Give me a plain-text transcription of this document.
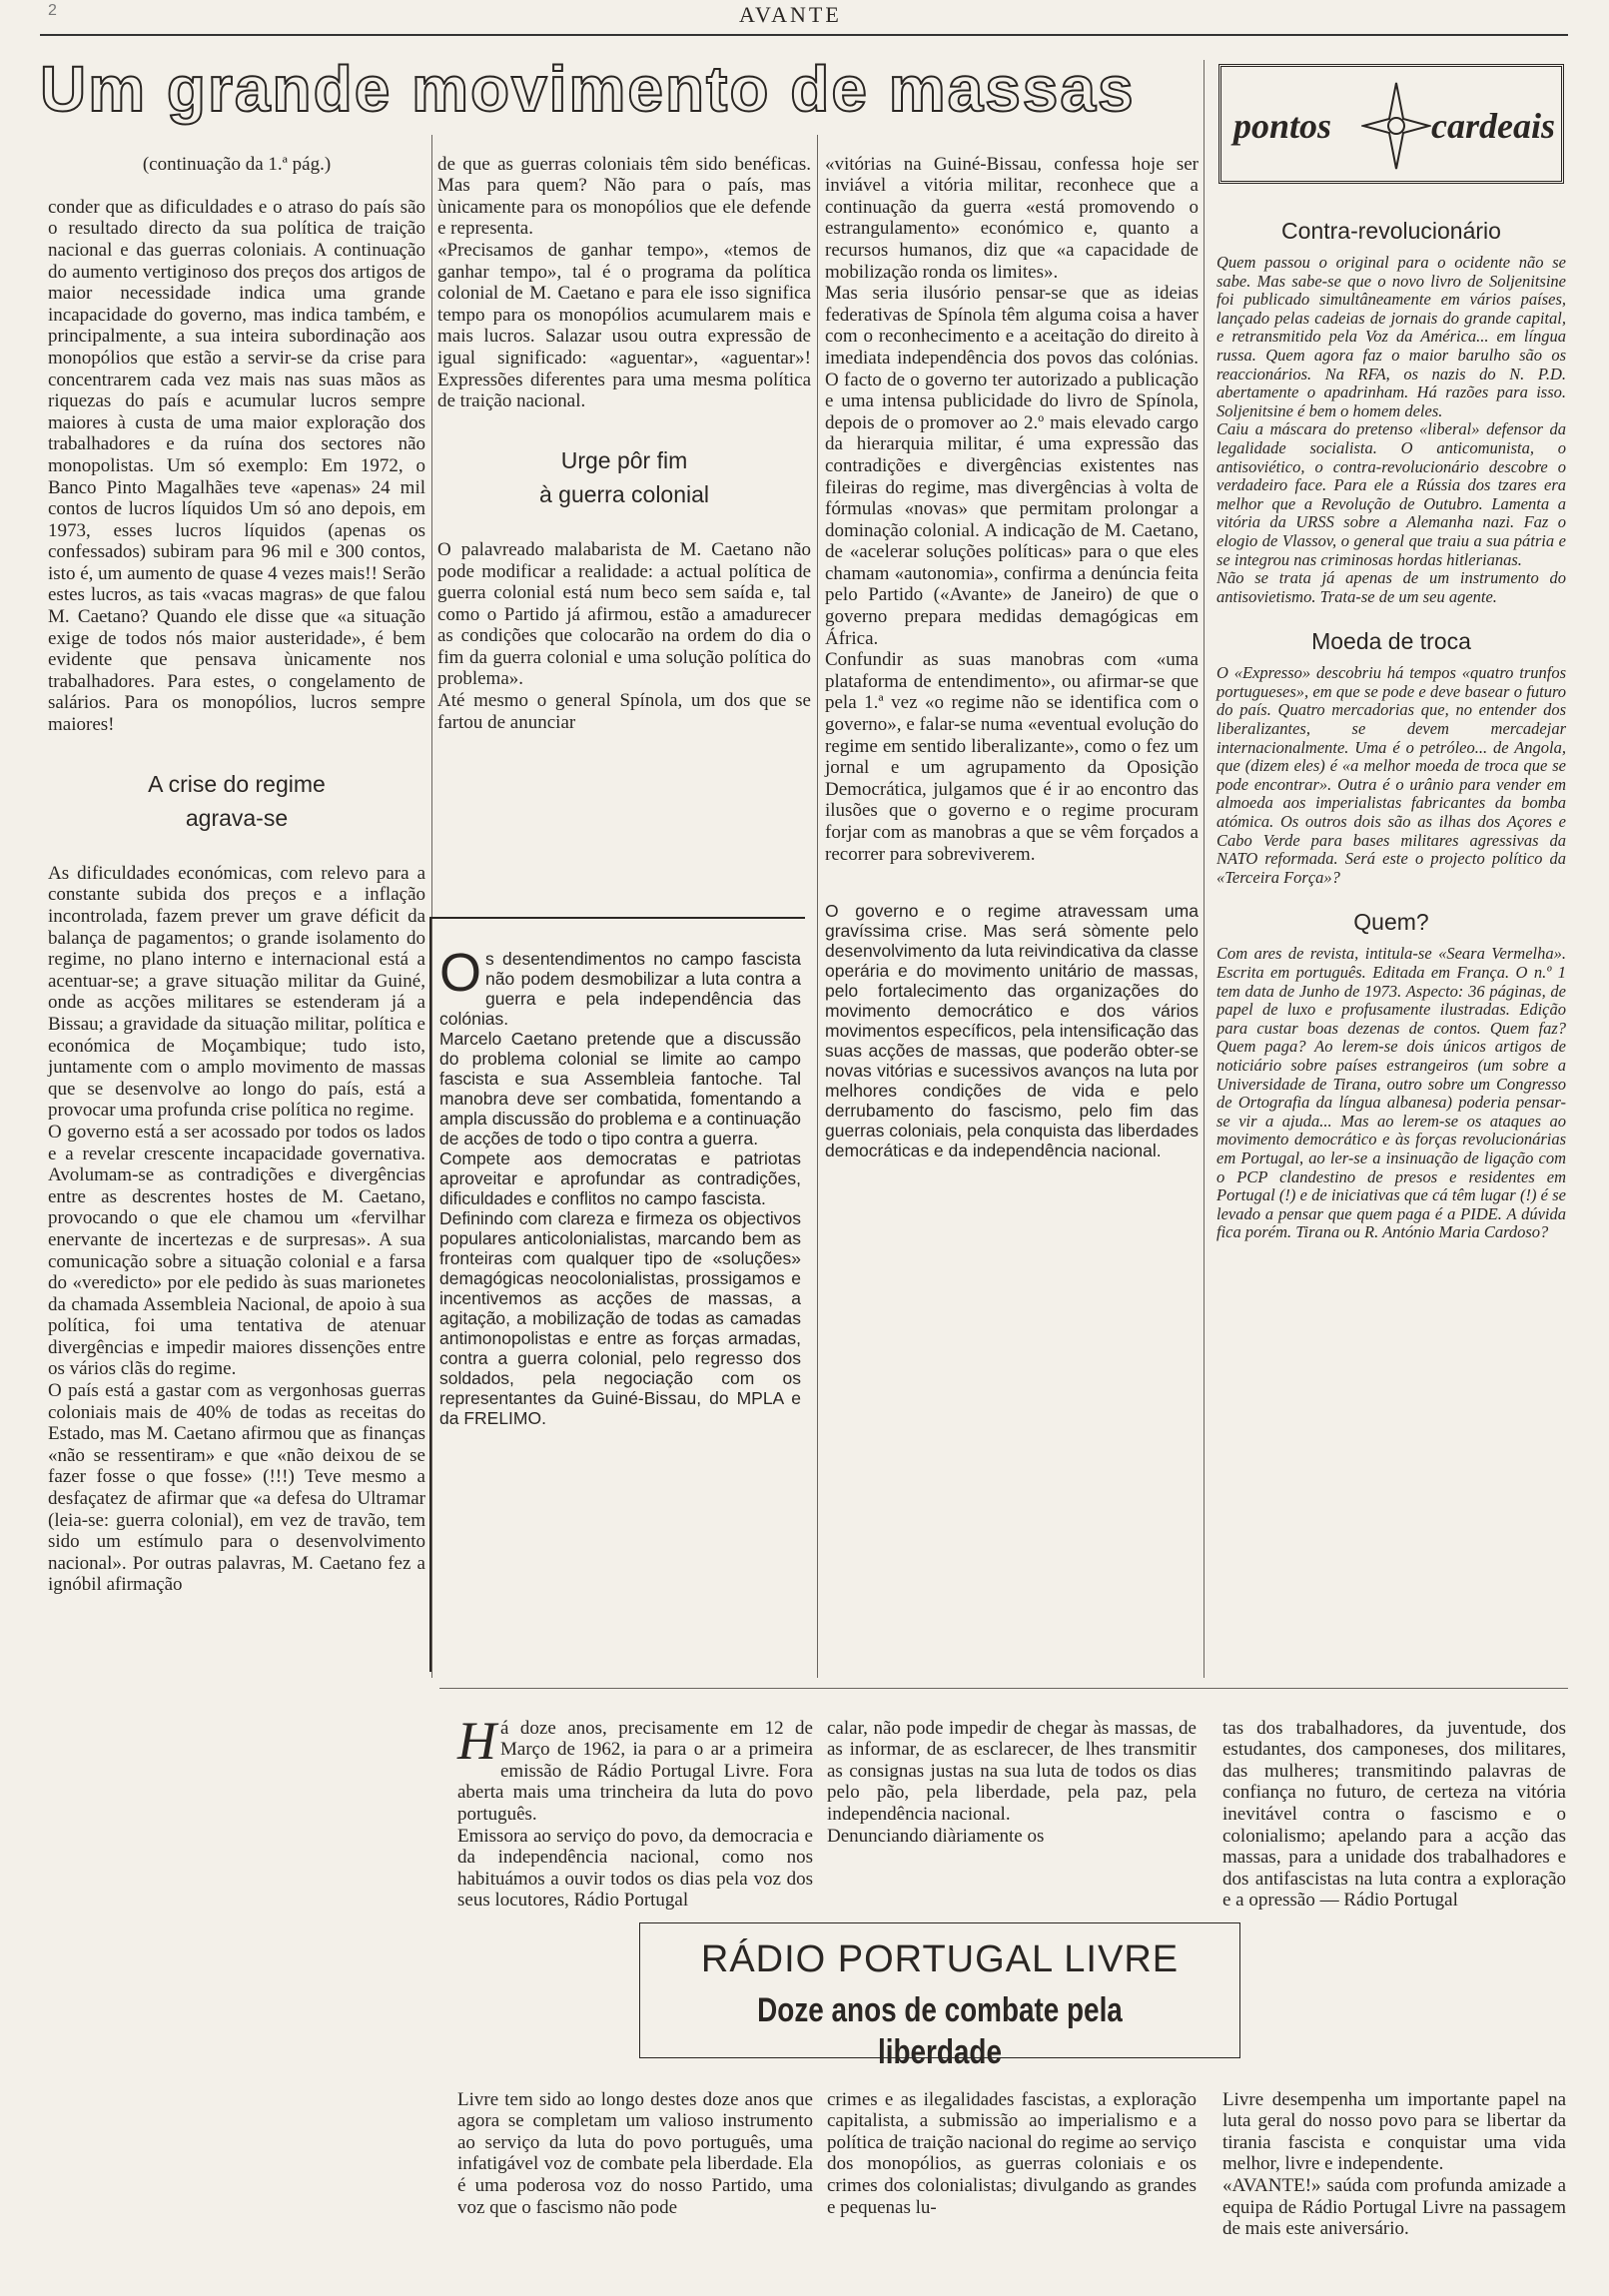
2	AVANTE
Um grande movimento de massas

(continuação da 1.ª pág.)

conder que as dificuldades e o atraso do país são o resultado directo da sua política de traição nacional e das guerras coloniais. A continuação do aumento vertiginoso dos preços dos artigos de maior necessidade indica uma grande incapacidade do governo, mas indica também, e principalmente, a sua inteira subordinação aos monopólios que estão a servir-se da crise para concentrarem cada vez mais nas suas mãos as riquezas do país e acumular lucros sempre maiores à custa de uma maior exploração dos trabalhadores e da ruína dos sectores não monopolistas. Um só exemplo: Em 1972, o Banco Pinto Magalhães teve «apenas» 24 mil contos de lucros líquidos Um só ano depois, em 1973, esses lucros líquidos (apenas os confessados) subiram para 96 mil e 300 contos, isto é, um aumento de quase 4 vezes mais!! Serão estes lucros, as tais «vacas magras» de que falou M. Caetano? Quando ele disse que «a situação exige de todos nós maior austeridade», é bem evidente que pensava ùnicamente nos trabalhadores. Para estes, o congelamento de salários. Para os monopólios, lucros sempre maiores!

A crise do regime
agrava-se

As dificuldades económicas, com relevo para a constante subida dos preços e a inflação incontrolada, fazem prever um grave déficit da balança de pagamentos; o grande isolamento do regime, no plano interno e internacional está a acentuar-se; a grave situação militar da Guiné, onde as acções militares se estenderam já a Bissau; a gravidade da situação militar, política e económica de Moçambique; tudo isto, juntamente com o amplo movimento de massas que se desenvolve ao longo do país, está a provocar uma profunda crise política no regime.
O governo está a ser acossado por todos os lados e a revelar crescente incapacidade governativa. Avolumam-se as contradições e divergências entre as descrentes hostes de M. Caetano, provocando o que ele chamou um «fervilhar enervante de incertezas e de surpresas». A sua comunicação sobre a situação colonial e a farsa do «veredicto» por ele pedido às suas marionetes da chamada Assembleia Nacional, de apoio à sua política, foi uma tentativa de atenuar divergências e impedir maiores dissenções entre os vários clãs do regime.
O país está a gastar com as vergonhosas guerras coloniais mais de 40% de todas as receitas do Estado, mas M. Caetano afirmou que as finanças «não se ressentiram» e que «não deixou de se fazer fosse o que fosse» (!!!) Teve mesmo a desfaçatez de afirmar que «a defesa do Ultramar (leia-se: guerra colonial), em vez de travão, tem sido um estímulo para o desenvolvimento nacional». Por outras palavras, M. Caetano fez a ignóbil afirmação

de que as guerras coloniais têm sido benéficas. Mas para quem? Não para o país, mas ùnicamente para os monopólios que ele defende e representa.
«Precisamos de ganhar tempo», «temos de ganhar tempo», tal é o programa da política colonial de M. Caetano e para ele isso significa tempo para os monopólios acumularem mais e mais lucros. Salazar usou outra expressão de igual significado: «aguentar», «aguentar»! Expressões diferentes para uma mesma política de traição nacional.

Urge pôr fim
à guerra colonial

O palavreado malabarista de M. Caetano não pode modificar a realidade: a actual política de guerra colonial está num beco sem saída e, tal como o Partido já afirmou, estão a amadurecer as condições que colocarão na ordem do dia o fim da guerra colonial e uma solução política do problema».
Até mesmo o general Spínola, um dos que se fartou de anunciar

Os desentendimentos no campo fascista não podem desmobilizar a luta contra a guerra e pela independência das colónias.
Marcelo Caetano pretende que a discussão do problema colonial se limite ao campo fascista e sua Assembleia fantoche. Tal manobra deve ser combatida, fomentando a ampla discussão do problema e a continuação de acções de todo o tipo contra a guerra.
Compete aos democratas e patriotas aproveitar e aprofundar as contradições, dificuldades e conflitos no campo fascista.
Definindo com clareza e firmeza os objectivos populares anticolonialistas, marcando bem as fronteiras com qualquer tipo de «soluções» demagógicas neocolonialistas, prossigamos e incentivemos as acções de massas, a agitação, a mobilização de todas as camadas antimonopolistas e entre as forças armadas, contra a guerra colonial, pelo regresso dos soldados, pela negociação com os representantes da Guiné-Bissau, do MPLA e da FRELIMO.

«vitórias na Guiné-Bissau, confessa hoje ser inviável a vitória militar, reconhece que a continuação da guerra «está promovendo o estrangulamento» económico e, quanto a recursos humanos, diz que «a capacidade de mobilização ronda os limites».
Mas seria ilusório pensar-se que as ideias federativas de Spínola têm alguma coisa a haver com o reconhecimento e a aceitação do direito à imediata independência dos povos das colónias. O facto de o governo ter autorizado a publicação e uma intensa publicidade do livro de Spínola, depois de o promover ao 2.º mais elevado cargo da hierarquia militar, é uma expressão das contradições e divergências existentes nas fileiras do regime, mas divergências à volta de fórmulas «novas» que permitam prolongar a dominação colonial. A indicação de M. Caetano, de «acelerar soluções políticas» para o que eles chamam «autonomia», confirma a denúncia feita pelo Partido («Avante» de Janeiro) de que o governo prepara medidas demagógicas em África.
Confundir as suas manobras com «uma plataforma de entendimento», ou afirmar-se que pela 1.ª vez «o regime não se identifica com o governo», e falar-se numa «eventual evolução do regime em sentido liberalizante», como o fez um jornal e um agrupamento da Oposição Democrática, julgamos que é ir ao encontro das ilusões que o governo e o regime procuram forjar com as manobras a que se vêm forçados a recorrer para sobreviverem.

O governo e o regime atravessam uma gravíssima crise. Mas será sòmente pelo desenvolvimento da luta reivindicativa da classe operária e do movimento unitário de massas, pelo fortalecimento das organizações do movimento democrático e dos vários movimentos específicos, pela intensificação das suas acções de massas, que poderão obter-se novas vitórias e sucessivos avanços na luta por melhores condições de vida e pelo derrubamento do fascismo, pelo fim das guerras coloniais, pela conquista das liberdades democráticas e da independência nacional.

pontos	cardeais
Contra-revolucionário
Quem passou o original para o ocidente não se sabe. Mas sabe-se que o novo livro de Soljenitsine foi publicado simultâneamente em vários países, lançado pelas cadeias de jornais do grande capital, e retransmitido pela Voz da América... em língua russa. Quem agora faz o maior barulho são os reaccionários. Na RFA, os nazis do N. P.D. abertamente o apadrinham. Há razões para isso. Soljenitsine é bem o homem deles.
Caiu a máscara do pretenso «liberal» defensor da legalidade socialista. O anticomunista, o antisoviético, o contra-revolucionário descobre o verdadeiro face. Para ele a Rússia dos tzares era melhor que a Revolução de Outubro. Lamenta a vitória da URSS sobre a Alemanha nazi. Faz o elogio de Vlassov, o general que traiu a sua pátria e se integrou nas criminosas hordas hitlerianas.
Não se trata já apenas de um instrumento do antisovietismo. Trata-se de um seu agente.
Moeda de troca
O «Expresso» descobriu há tempos «quatro trunfos portugueses», em que se pode e deve basear o futuro do país. Quatro mercadorias que, no entender dos liberalizantes, se devem mercadejar internacionalmente. Uma é o petróleo... de Angola, que (dizem eles) é «a melhor moeda de troca que se pode encontrar». Outra é o urânio para vender em almoeda aos imperialistas fabricantes da bomba atómica. Os outros dois são as ilhas dos Açores e Cabo Verde para bases militares agressivas da NATO reformada. Será este o projecto político da «Terceira Força»?
Quem?
Com ares de revista, intitula-se «Seara Vermelha». Escrita em português. Editada em França. O n.º 1 tem data de Junho de 1973. Aspecto: 36 páginas, de papel de luxo e profusamente ilustradas. Edição para custar boas dezenas de contos. Quem faz? Quem paga? Ao lerem-se dois únicos artigos de noticiário sobre países estrangeiros (um sobre a Universidade de Tirana, outro sobre um Congresso de Ortografia da língua albanesa) poderia pensar-se vir a ajuda... Mas ao lerem-se os ataques ao movimento democrático e às forças revolucionárias em Portugal, ao ler-se a insinuação de ligação com o PCP clandestino de presos e residentes em Portugal (!) e de iniciativas que cá têm lugar (!) é se levado a pensar que quem paga é a PIDE. A dúvida fica porém. Tirana ou R. António Maria Cardoso?

Há doze anos, precisamente em 12 de Março de 1962, ia para o ar a primeira emissão de Rádio Portugal Livre. Fora aberta mais uma trincheira da luta do povo português.
Emissora ao serviço do povo, da democracia e da independência nacional, como nos habituámos a ouvir todos os dias pela voz dos seus locutores, Rádio Portugal

calar, não pode impedir de chegar às massas, de as informar, de as esclarecer, de lhes transmitir as consignas justas na sua luta de todos os dias pelo pão, pela liberdade, pela paz, pela independência nacional.
Denunciando diàriamente os

tas dos trabalhadores, da juventude, dos estudantes, dos camponeses, dos militares, das mulheres; transmitindo palavras de confiança no futuro, de certeza na vitória inevitável contra o fascismo e o colonialismo; apelando para a acção das massas, para a unidade dos trabalhadores e dos antifascistas na luta contra a exploração e a opressão — Rádio Portugal

RÁDIO PORTUGAL LIVRE
Doze anos de combate pela liberdade

Livre tem sido ao longo destes doze anos que agora se completam um valioso instrumento ao serviço da luta do povo português, uma infatigável voz de combate pela liberdade. Ela é uma poderosa voz do nosso Partido, uma voz que o fascismo não pode

crimes e as ilegalidades fascistas, a exploração capitalista, a submissão ao imperialismo e a política de traição nacional do regime ao serviço dos monopólios, as guerras coloniais e os crimes dos colonialistas; divulgando as grandes e pequenas lu-

Livre desempenha um importante papel na luta geral do nosso povo para se libertar da tirania fascista e conquistar uma vida melhor, livre e independente.
«AVANTE!» saúda com profunda amizade a equipa de Rádio Portugal Livre na passagem de mais este aniversário.
